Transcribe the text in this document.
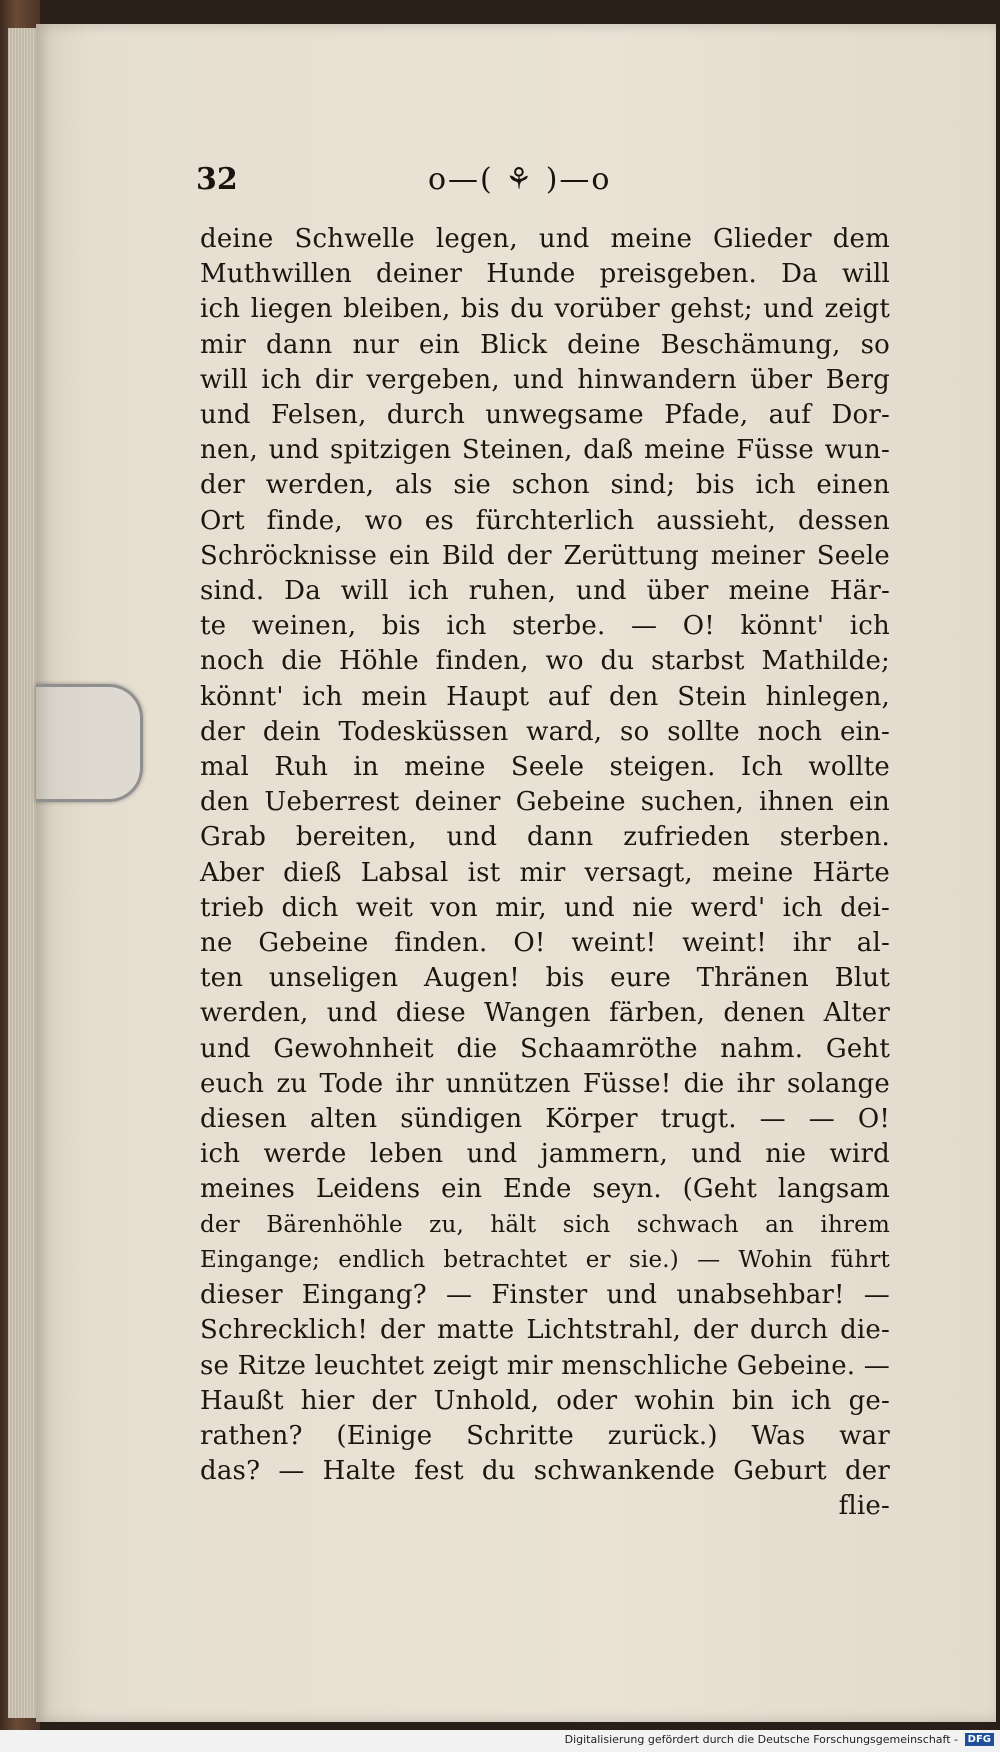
32	o—( ⚘ )—o
deine Schwelle legen, und meine Glieder dem
Muthwillen deiner Hunde preisgeben. Da will
ich liegen bleiben, bis du vorüber gehst; und zeigt
mir dann nur ein Blick deine Beschämung, so
will ich dir vergeben, und hinwandern über Berg
und Felsen, durch unwegsame Pfade, auf Dor-
nen, und spitzigen Steinen, daß meine Füsse wun-
der werden, als sie schon sind; bis ich einen
Ort finde, wo es fürchterlich aussieht, dessen
Schröcknisse ein Bild der Zerüttung meiner Seele
sind. Da will ich ruhen, und über meine Här-
te weinen, bis ich sterbe. — O! könnt' ich
noch die Höhle finden, wo du starbst Mathilde;
könnt' ich mein Haupt auf den Stein hinlegen,
der dein Todesküssen ward, so sollte noch ein-
mal Ruh in meine Seele steigen. Ich wollte
den Ueberrest deiner Gebeine suchen, ihnen ein
Grab bereiten, und dann zufrieden sterben.
Aber dieß Labsal ist mir versagt, meine Härte
trieb dich weit von mir, und nie werd' ich dei-
ne Gebeine finden. O! weint! weint! ihr al-
ten unseligen Augen! bis eure Thränen Blut
werden, und diese Wangen färben, denen Alter
und Gewohnheit die Schaamröthe nahm. Geht
euch zu Tode ihr unnützen Füsse! die ihr solange
diesen alten sündigen Körper trugt. — — O!
ich werde leben und jammern, und nie wird
meines Leidens ein Ende seyn. (Geht langsam
der Bärenhöhle zu, hält sich schwach an ihrem
Eingange; endlich betrachtet er sie.) — Wohin führt
dieser Eingang? — Finster und unabsehbar! —
Schrecklich! der matte Lichtstrahl, der durch die-
se Ritze leuchtet zeigt mir menschliche Gebeine. —
Haußt hier der Unhold, oder wohin bin ich ge-
rathen? (Einige Schritte zurück.) Was war
das? — Halte fest du schwankende Geburt der
flie-
Digitalisierung gefördert durch die Deutsche Forschungsgemeinschaft - DFG
